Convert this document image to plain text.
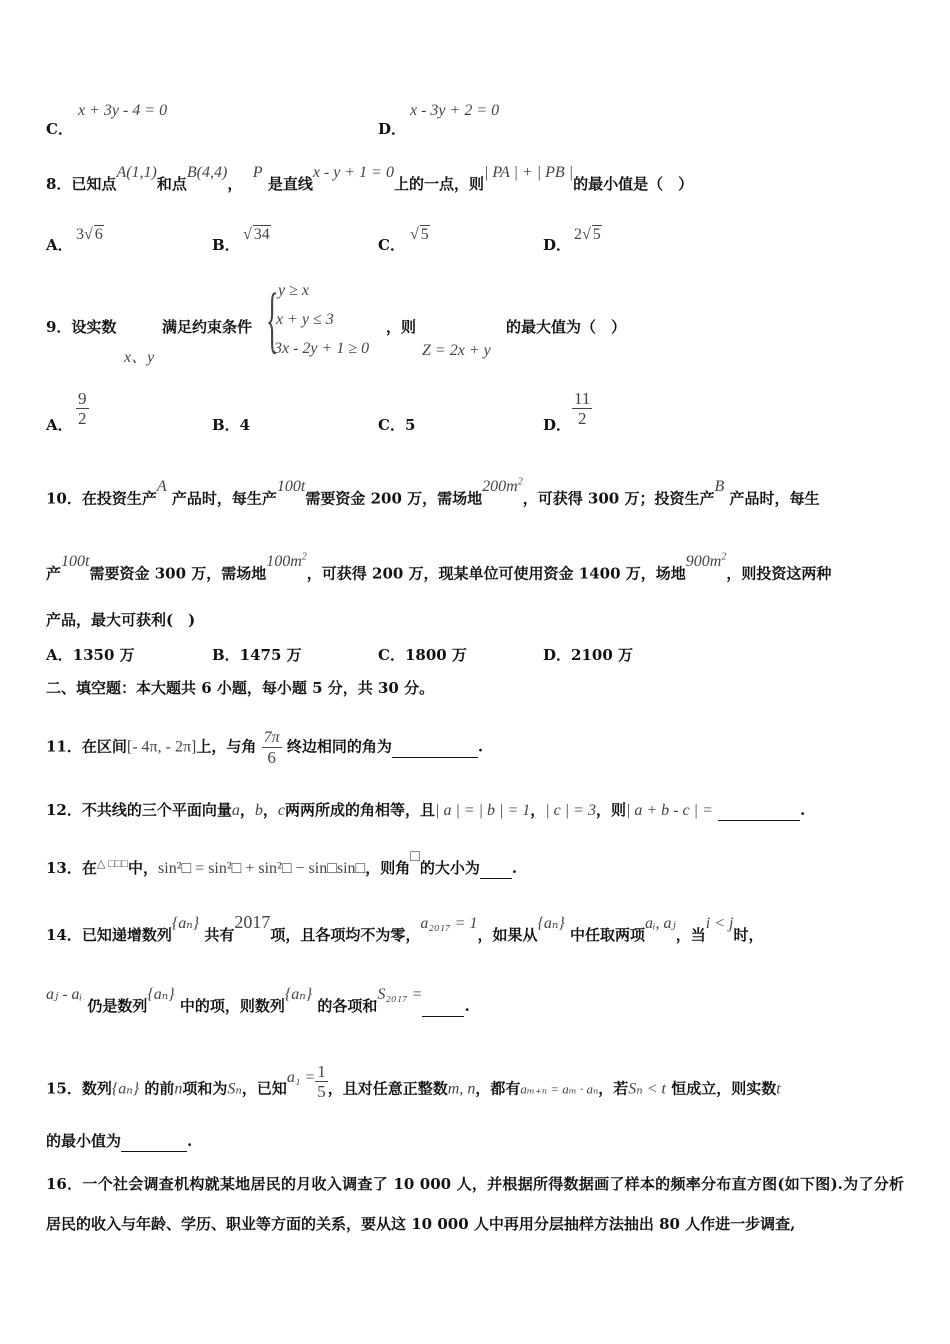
C．
x + 3y - 4 = 0
D．
x - 3y + 2 = 0
8．已知点A(1,1)和点B(4,4)，  P 是直线x - y + 1 = 0上的一点，则| PA | + | PB |的最小值是（　）
A．
3√ 6
B．
√ 34
C．
√ 5
D．
2√ 5
9．设实数
x、y
满足约束条件 { y ≥ x
x + y ≤ 3
3x - 2y + 1 ≥ 0
，则
Z = 2x + y
的最大值为（　）
A． $\frac{9}{2}$	B．4	C．5	D． $\frac{11}{2}$
10．在投资生产A 产品时，每生产100t需要资金 200 万，需场地$200m^2$，可获得 300 万；投资生产B 产品时，每生
产100t需要资金 300 万，需场地$100m^2$，可获得 200 万，现某单位可使用资金 1400 万，场地$900m^2$，则投资这两种
产品，最大可获利(　)
A．1350 万	B．1475 万	C．1800 万	D．2100 万
二、填空题：本大题共 6 小题，每小题 5 分，共 30 分。
11．在区间[- 4π, - 2π]上，与角 $\frac{7\pi}{6}$ 终边相同的角为	.
12．不共线的三个平面向量a，b，c两两所成的角相等，且| a | = | b | = 1，| c | = 3，则| a + b - c | =	.
13．在△ □□□中，sin²□ = sin²□ + sin²□ − sin□sin□，则角□的大小为 .
14．已知递增数列{aₙ} 共有2017项，且各项均不为零，a₂₀₁₇ = 1，如果从{aₙ} 中任取两项aᵢ, aⱼ，当i < j时，
aⱼ - aᵢ 仍是数列{aₙ} 中的项，则数列{aₙ} 的各项和S₂₀₁₇ = .
15．数列{aₙ} 的前n项和为Sₙ，已知$a_1 = \frac{1}{5}$ ，且对任意正整数m, n，都有aₘ₊ₙ = aₘ · aₙ，若Sₙ < t 恒成立，则实数t
的最小值为	.
16．一个社会调查机构就某地居民的月收入调查了 10 000 人，并根据所得数据画了样本的频率分布直方图(如下图).为了分析居民的收入与年龄、学历、职业等方面的关系，要从这 10 000 人中再用分层抽样方法抽出 80 人作进一步调查,
